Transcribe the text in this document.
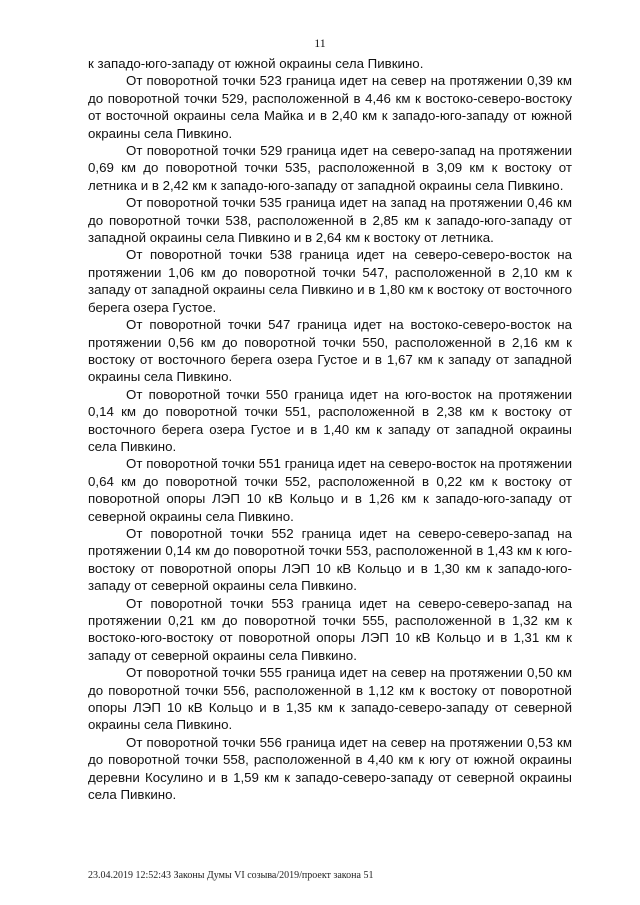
11

к западо-юго-западу от южной окраины села Пивкино.

От поворотной точки 523 граница идет на север на протяжении 0,39 км до поворотной точки 529, расположенной в 4,46 км к востоко-северо-востоку от восточной окраины села Майка и в 2,40 км к западо-юго-западу от южной окраины села Пивкино.

От поворотной точки 529 граница идет на северо-запад на протяжении 0,69 км до поворотной точки 535, расположенной в 3,09 км к востоку от летника и в 2,42 км к западо-юго-западу от западной окраины села Пивкино.

От поворотной точки 535 граница идет на запад на протяжении 0,46 км до поворотной точки 538, расположенной в 2,85 км к западо-юго-западу от западной окраины села Пивкино и в 2,64 км к востоку от летника.

От поворотной точки 538 граница идет на северо-северо-восток на протяжении 1,06 км до поворотной точки 547, расположенной в 2,10 км к западу от западной окраины села Пивкино и в 1,80 км к востоку от восточного берега озера Густое.

От поворотной точки 547 граница идет на востоко-северо-восток на протяжении 0,56 км до поворотной точки 550, расположенной в 2,16 км к востоку от восточного берега озера Густое и в 1,67 км к западу от западной окраины села Пивкино.

От поворотной точки 550 граница идет на юго-восток на протяжении 0,14 км до поворотной точки 551, расположенной в 2,38 км к востоку от восточного берега озера Густое и в 1,40 км к западу от западной окраины села Пивкино.

От поворотной точки 551 граница идет на северо-восток на протяжении 0,64 км до поворотной точки 552, расположенной в 0,22 км к востоку от поворотной опоры ЛЭП 10 кВ Кольцо и в 1,26 км к западо-юго-западу от северной окраины села Пивкино.

От поворотной точки 552 граница идет на северо-северо-запад на протяжении 0,14 км до поворотной точки 553, расположенной в 1,43 км к юго-востоку от поворотной опоры ЛЭП 10 кВ Кольцо и в 1,30 км к западо-юго-западу от северной окраины села Пивкино.

От поворотной точки 553 граница идет на северо-северо-запад на протяжении 0,21 км до поворотной точки 555, расположенной в 1,32 км к востоко-юго-востоку от поворотной опоры ЛЭП 10 кВ Кольцо и в 1,31 км к западу от северной окраины села Пивкино.

От поворотной точки 555 граница идет на север на протяжении 0,50 км до поворотной точки 556, расположенной в 1,12 км к востоку от поворотной опоры ЛЭП 10 кВ Кольцо и в 1,35 км к западо-северо-западу от северной окраины села Пивкино.

От поворотной точки 556 граница идет на север на протяжении 0,53 км до поворотной точки 558, расположенной в 4,40 км к югу от южной окраины деревни Косулино и в 1,59 км к западо-северо-западу от северной окраины села Пивкино.

23.04.2019 12:52:43 Законы Думы VI созыва/2019/проект закона 51
